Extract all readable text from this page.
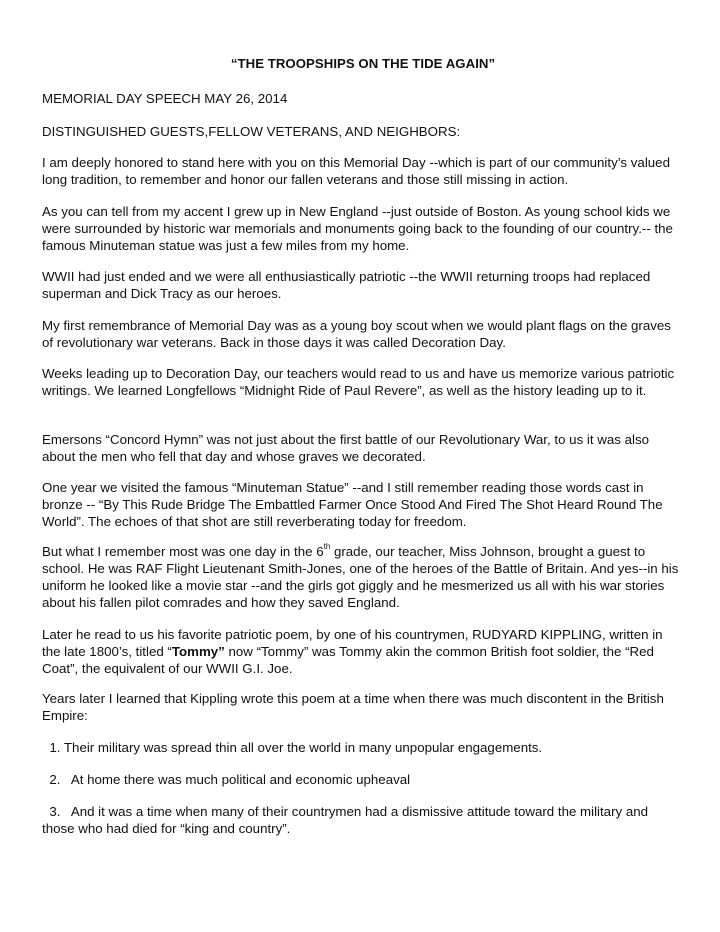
“THE TROOPSHIPS ON THE TIDE AGAIN”
MEMORIAL DAY SPEECH MAY 26, 2014
DISTINGUISHED GUESTS,FELLOW VETERANS, AND NEIGHBORS:
I am deeply honored to stand here with you on this Memorial Day --which is part of our community’s valued long tradition, to remember and honor our fallen veterans and those still missing in action.
As you can tell from my accent I grew up in New England --just outside of Boston. As young school kids we were surrounded by historic war memorials and monuments going back to the founding of our country.-- the famous Minuteman statue was just a few miles from my home.
WWII had just ended and we were all enthusiastically patriotic --the WWII returning troops had replaced superman and Dick Tracy as our heroes.
My first remembrance of Memorial Day was as a young boy scout when we would plant flags on the graves of revolutionary war veterans. Back in those days it was called Decoration Day.
Weeks leading up to Decoration Day, our teachers would read to us and have us memorize various patriotic writings. We learned Longfellows “Midnight Ride of Paul Revere”, as well as the history leading up to it.
Emersons “Concord Hymn” was not just about the first battle of our Revolutionary War, to us it was also about the men who fell that day and whose graves we decorated.
One year we visited the famous “Minuteman Statue” --and I still remember reading those words cast in bronze -- “By This Rude Bridge The Embattled Farmer Once Stood And Fired The Shot Heard Round The World”. The echoes of that shot are still reverberating today for freedom.
But what I remember most was one day in the 6th grade, our teacher, Miss Johnson, brought a guest to school. He was RAF Flight Lieutenant Smith-Jones, one of the heroes of the Battle of Britain. And yes--in his uniform he looked like a movie star --and the girls got giggly and he mesmerized us all with his war stories about his fallen pilot comrades and how they saved England.
Later he read to us his favorite patriotic poem, by one of his countrymen, RUDYARD KIPPLING, written in the late 1800’s, titled “Tommy” now “Tommy” was Tommy akin the common British foot soldier, the “Red Coat”, the equivalent of our WWII G.I. Joe.
Years later I learned that Kippling wrote this poem at a time when there was much discontent in the British Empire:
1. Their military was spread thin all over the world in many unpopular engagements.
2.   At home there was much political and economic upheaval
3.   And it was a time when many of their countrymen had a dismissive attitude toward the military and those who had died for “king and country”.
